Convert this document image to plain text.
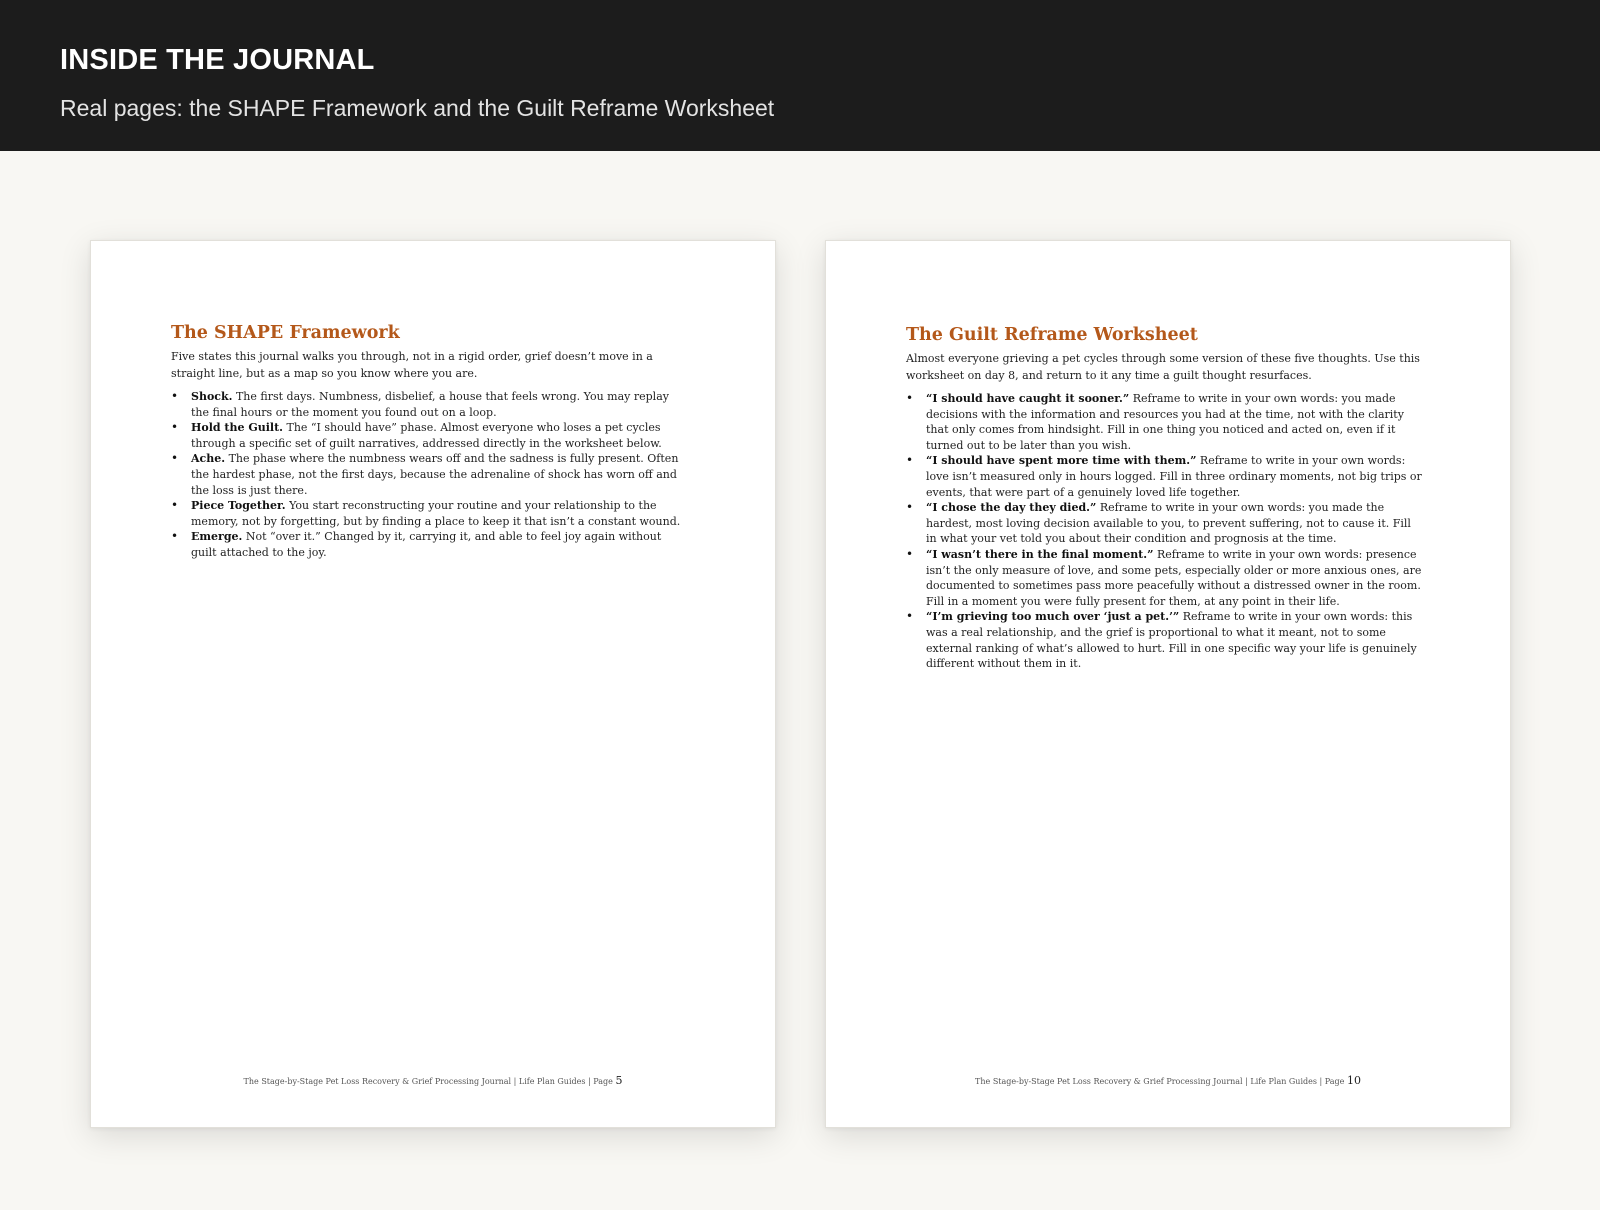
INSIDE THE JOURNAL

Real pages: the SHAPE Framework and the Guilt Reframe Worksheet

The SHAPE Framework

Five states this journal walks you through, not in a rigid order, grief doesn’t move in a straight line, but as a map so you know where you are.

• Shock. The first days. Numbness, disbelief, a house that feels wrong. You may replay the final hours or the moment you found out on a loop.
• Hold the Guilt. The “I should have” phase. Almost everyone who loses a pet cycles through a specific set of guilt narratives, addressed directly in the worksheet below.
• Ache. The phase where the numbness wears off and the sadness is fully present. Often the hardest phase, not the first days, because the adrenaline of shock has worn off and the loss is just there.
• Piece Together. You start reconstructing your routine and your relationship to the memory, not by forgetting, but by finding a place to keep it that isn’t a constant wound.
• Emerge. Not “over it.” Changed by it, carrying it, and able to feel joy again without guilt attached to the joy.
The Stage-by-Stage Pet Loss Recovery & Grief Processing Journal | Life Plan Guides | Page 5
The Guilt Reframe Worksheet

Almost everyone grieving a pet cycles through some version of these five thoughts. Use this worksheet on day 8, and return to it any time a guilt thought resurfaces.

• “I should have caught it sooner.” Reframe to write in your own words: you made decisions with the information and resources you had at the time, not with the clarity that only comes from hindsight. Fill in one thing you noticed and acted on, even if it turned out to be later than you wish.
• “I should have spent more time with them.” Reframe to write in your own words: love isn’t measured only in hours logged. Fill in three ordinary moments, not big trips or events, that were part of a genuinely loved life together.
• “I chose the day they died.” Reframe to write in your own words: you made the hardest, most loving decision available to you, to prevent suffering, not to cause it. Fill in what your vet told you about their condition and prognosis at the time.
• “I wasn’t there in the final moment.” Reframe to write in your own words: presence isn’t the only measure of love, and some pets, especially older or more anxious ones, are documented to sometimes pass more peacefully without a distressed owner in the room. Fill in a moment you were fully present for them, at any point in their life.
• “I’m grieving too much over ‘just a pet.’” Reframe to write in your own words: this was a real relationship, and the grief is proportional to what it meant, not to some external ranking of what’s allowed to hurt. Fill in one specific way your life is genuinely different without them in it.
The Stage-by-Stage Pet Loss Recovery & Grief Processing Journal | Life Plan Guides | Page 10
